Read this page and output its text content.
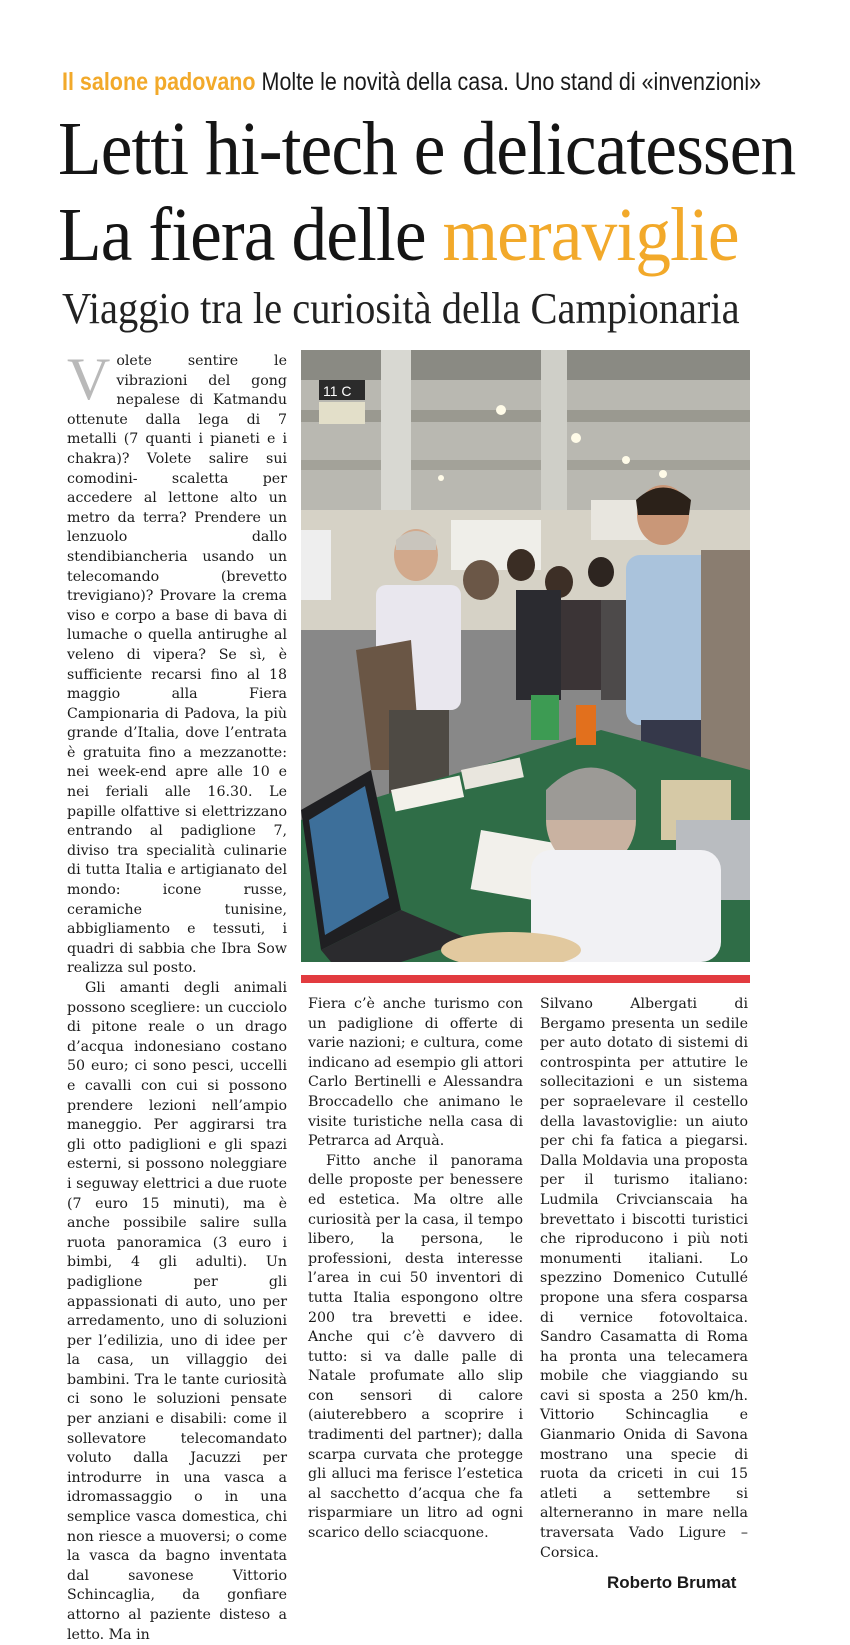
Il salone padovano Molte le novità della casa. Uno stand di «invenzioni»
Letti hi-tech e delicatessen
La fiera delle meraviglie
Viaggio tra le curiosità della Campionaria

Volete sentire le vibrazioni del gong nepalese di Katmandu ottenute dalla lega di 7 metalli (7 quanti i pianeti e i chakra)? Volete salire sui comodini- scaletta per accedere al lettone alto un metro da terra? Prendere un lenzuolo dallo stendibiancheria usando un telecomando (brevetto trevigiano)? Provare la crema viso e corpo a base di bava di lumache o quella antirughe al veleno di vipera? Se sì, è sufficiente recarsi fino al 18 maggio alla Fiera Campionaria di Padova, la più grande d’Italia, dove l’entrata è gratuita fino a mezzanotte: nei week-end apre alle 10 e nei feriali alle 16.30. Le papille olfattive si elettrizzano entrando al padiglione 7, diviso tra specialità culinarie di tutta Italia e artigianato del mondo: icone russe, ceramiche tunisine, abbigliamento e tessuti, i quadri di sabbia che Ibra Sow realizza sul posto.

Gli amanti degli animali possono scegliere: un cucciolo di pitone reale o un drago d’acqua indonesiano costano 50 euro; ci sono pesci, uccelli e cavalli con cui si possono prendere lezioni nell’ampio maneggio. Per aggirarsi tra gli otto padiglioni e gli spazi esterni, si possono noleggiare i seguway elettrici a due ruote (7 euro 15 minuti), ma è anche possibile salire sulla ruota panoramica (3 euro i bimbi, 4 gli adulti). Un padiglione per gli appassionati di auto, uno per arredamento, uno di soluzioni per l’edilizia, uno di idee per la casa, un villaggio dei bambini. Tra le tante curiosità ci sono le soluzioni pensate per anziani e disabili: come il sollevatore telecomandato voluto dalla Jacuzzi per introdurre in una vasca a idromassaggio o in una semplice vasca domestica, chi non riesce a muoversi; o come la vasca da bagno inventata dal savonese Vittorio Schincaglia, da gonfiare attorno al paziente disteso a letto. Ma in

11 C

Fiera c’è anche turismo con un padiglione di offerte di varie nazioni; e cultura, come indicano ad esempio gli attori Carlo Bertinelli e Alessandra Broccadello che animano le visite turistiche nella casa di Petrarca ad Arquà.

Fitto anche il panorama delle proposte per benessere ed estetica. Ma oltre alle curiosità per la casa, il tempo libero, la persona, le professioni, desta interesse l’area in cui 50 inventori di tutta Italia espongono oltre 200 tra brevetti e idee. Anche qui c’è davvero di tutto: si va dalle palle di Natale profumate allo slip con sensori di calore (aiuterebbero a scoprire i tradimenti del partner); dalla scarpa curvata che protegge gli alluci ma ferisce l’estetica al sacchetto d’acqua che fa risparmiare un litro ad ogni scarico dello sciacquone.

Silvano Albergati di Bergamo presenta un sedile per auto dotato di sistemi di controspinta per attutire le sollecitazioni e un sistema per sopraelevare il cestello della lavastoviglie: un aiuto per chi fa fatica a piegarsi. Dalla Moldavia una proposta per il turismo italiano: Ludmila Crivcianscaia ha brevettato i biscotti turistici che riproducono i più noti monumenti italiani. Lo spezzino Domenico Cutullé propone una sfera cosparsa di vernice fotovoltaica. Sandro Casamatta di Roma ha pronta una telecamera mobile che viaggiando su cavi si sposta a 250 km/h. Vittorio Schincaglia e Gianmario Onida di Savona mostrano una specie di ruota da criceti in cui 15 atleti a settembre si alterneranno in mare nella traversata Vado Ligure – Corsica.

Roberto Brumat
